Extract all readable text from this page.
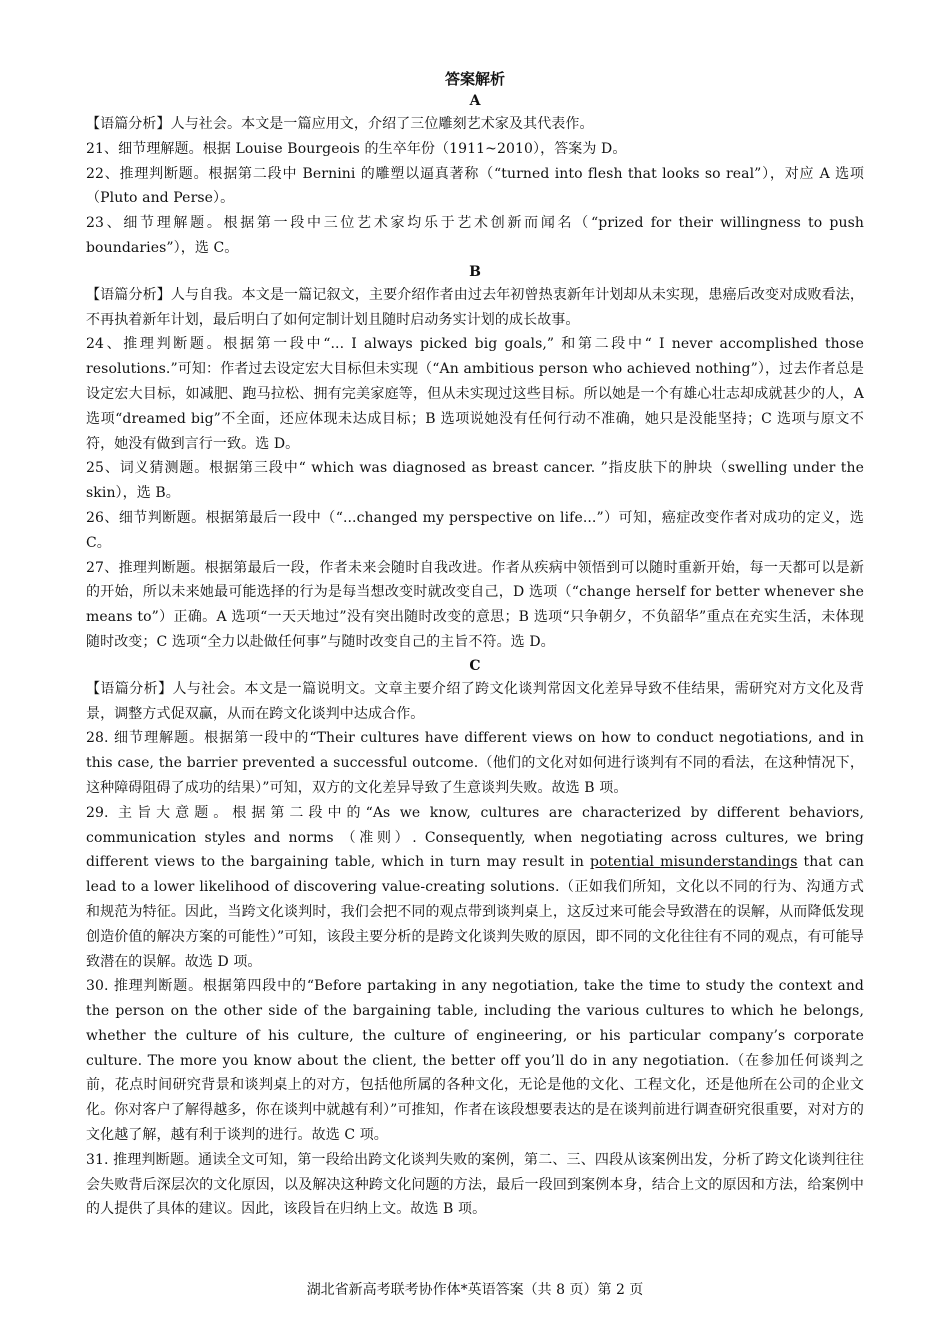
答案解析
A

【语篇分析】人与社会。本文是一篇应用文，介绍了三位雕刻艺术家及其代表作。

21、细节理解题。根据 Louise Bourgeois 的生卒年份（1911~2010），答案为 D。

22、推理判断题。根据第二段中 Bernini 的雕塑以逼真著称（“turned into flesh that looks so real”），对应 A 选项（Pluto and Perse）。

23、细节理解题。根据第一段中三位艺术家均乐于艺术创新而闻名（“prized for their willingness to push boundaries”），选 C。

B

【语篇分析】人与自我。本文是一篇记叙文，主要介绍作者由过去年初曾热衷新年计划却从未实现，患癌后改变对成败看法，不再执着新年计划，最后明白了如何定制计划且随时启动务实计划的成长故事。

24、推理判断题。根据第一段中“... I always picked big goals,” 和第二段中“ I never accomplished those resolutions.”可知：作者过去设定宏大目标但未实现（“An ambitious person who achieved nothing”），过去作者总是设定宏大目标，如减肥、跑马拉松、拥有完美家庭等，但从未实现过这些目标。所以她是一个有雄心壮志却成就甚少的人，A 选项“dreamed big”不全面，还应体现未达成目标；B 选项说她没有任何行动不准确，她只是没能坚持；C 选项与原文不符，她没有做到言行一致。选 D。

25、词义猜测题。根据第三段中“ which was diagnosed as breast cancer. ”指皮肤下的肿块（swelling under the skin），选 B。

26、细节判断题。根据第最后一段中（“...changed my perspective on life...”）可知，癌症改变作者对成功的定义，选 C。

27、推理判断题。根据第最后一段，作者未来会随时自我改进。作者从疾病中领悟到可以随时重新开始，每一天都可以是新的开始，所以未来她最可能选择的行为是每当想改变时就改变自己，D 选项（“change herself for better whenever she means to”）正确。A 选项“一天天地过”没有突出随时改变的意思；B 选项“只争朝夕，不负韶华”重点在充实生活，未体现随时改变；C 选项“全力以赴做任何事”与随时改变自己的主旨不符。选 D。

C

【语篇分析】人与社会。本文是一篇说明文。文章主要介绍了跨文化谈判常因文化差异导致不佳结果，需研究对方文化及背景，调整方式促双赢，从而在跨文化谈判中达成合作。

28. 细节理解题。根据第一段中的“Their cultures have different views on how to conduct negotiations, and in this case, the barrier prevented a successful outcome.（他们的文化对如何进行谈判有不同的看法，在这种情况下，这种障碍阻碍了成功的结果）”可知，双方的文化差异导致了生意谈判失败。故选 B 项。

29. 主旨大意题。根据第二段中的“As we know, cultures are characterized by different behaviors, communication styles and norms （准则）. Consequently, when negotiating across cultures, we bring different views to the bargaining table, which in turn may result in potential misunderstandings that can lead to a lower likelihood of discovering value-creating solutions.（正如我们所知，文化以不同的行为、沟通方式和规范为特征。因此，当跨文化谈判时，我们会把不同的观点带到谈判桌上，这反过来可能会导致潜在的误解，从而降低发现创造价值的解决方案的可能性）”可知，该段主要分析的是跨文化谈判失败的原因，即不同的文化往往有不同的观点，有可能导致潜在的误解。故选 D 项。

30. 推理判断题。根据第四段中的“Before partaking in any negotiation, take the time to study the context and the person on the other side of the bargaining table, including the various cultures to which he belongs, whether the culture of his culture, the culture of engineering, or his particular company’s corporate culture. The more you know about the client, the better off you’ll do in any negotiation.（在参加任何谈判之前，花点时间研究背景和谈判桌上的对方，包括他所属的各种文化，无论是他的文化、工程文化，还是他所在公司的企业文化。你对客户了解得越多，你在谈判中就越有利）”可推知，作者在该段想要表达的是在谈判前进行调查研究很重要，对对方的文化越了解，越有利于谈判的进行。故选 C 项。

31. 推理判断题。通读全文可知，第一段给出跨文化谈判失败的案例，第二、三、四段从该案例出发，分析了跨文化谈判往往会失败背后深层次的文化原因，以及解决这种跨文化问题的方法，最后一段回到案例本身，结合上文的原因和方法，给案例中的人提供了具体的建议。因此，该段旨在归纳上文。故选 B 项。

湖北省新高考联考协作体*英语答案（共 8 页）第 2 页
